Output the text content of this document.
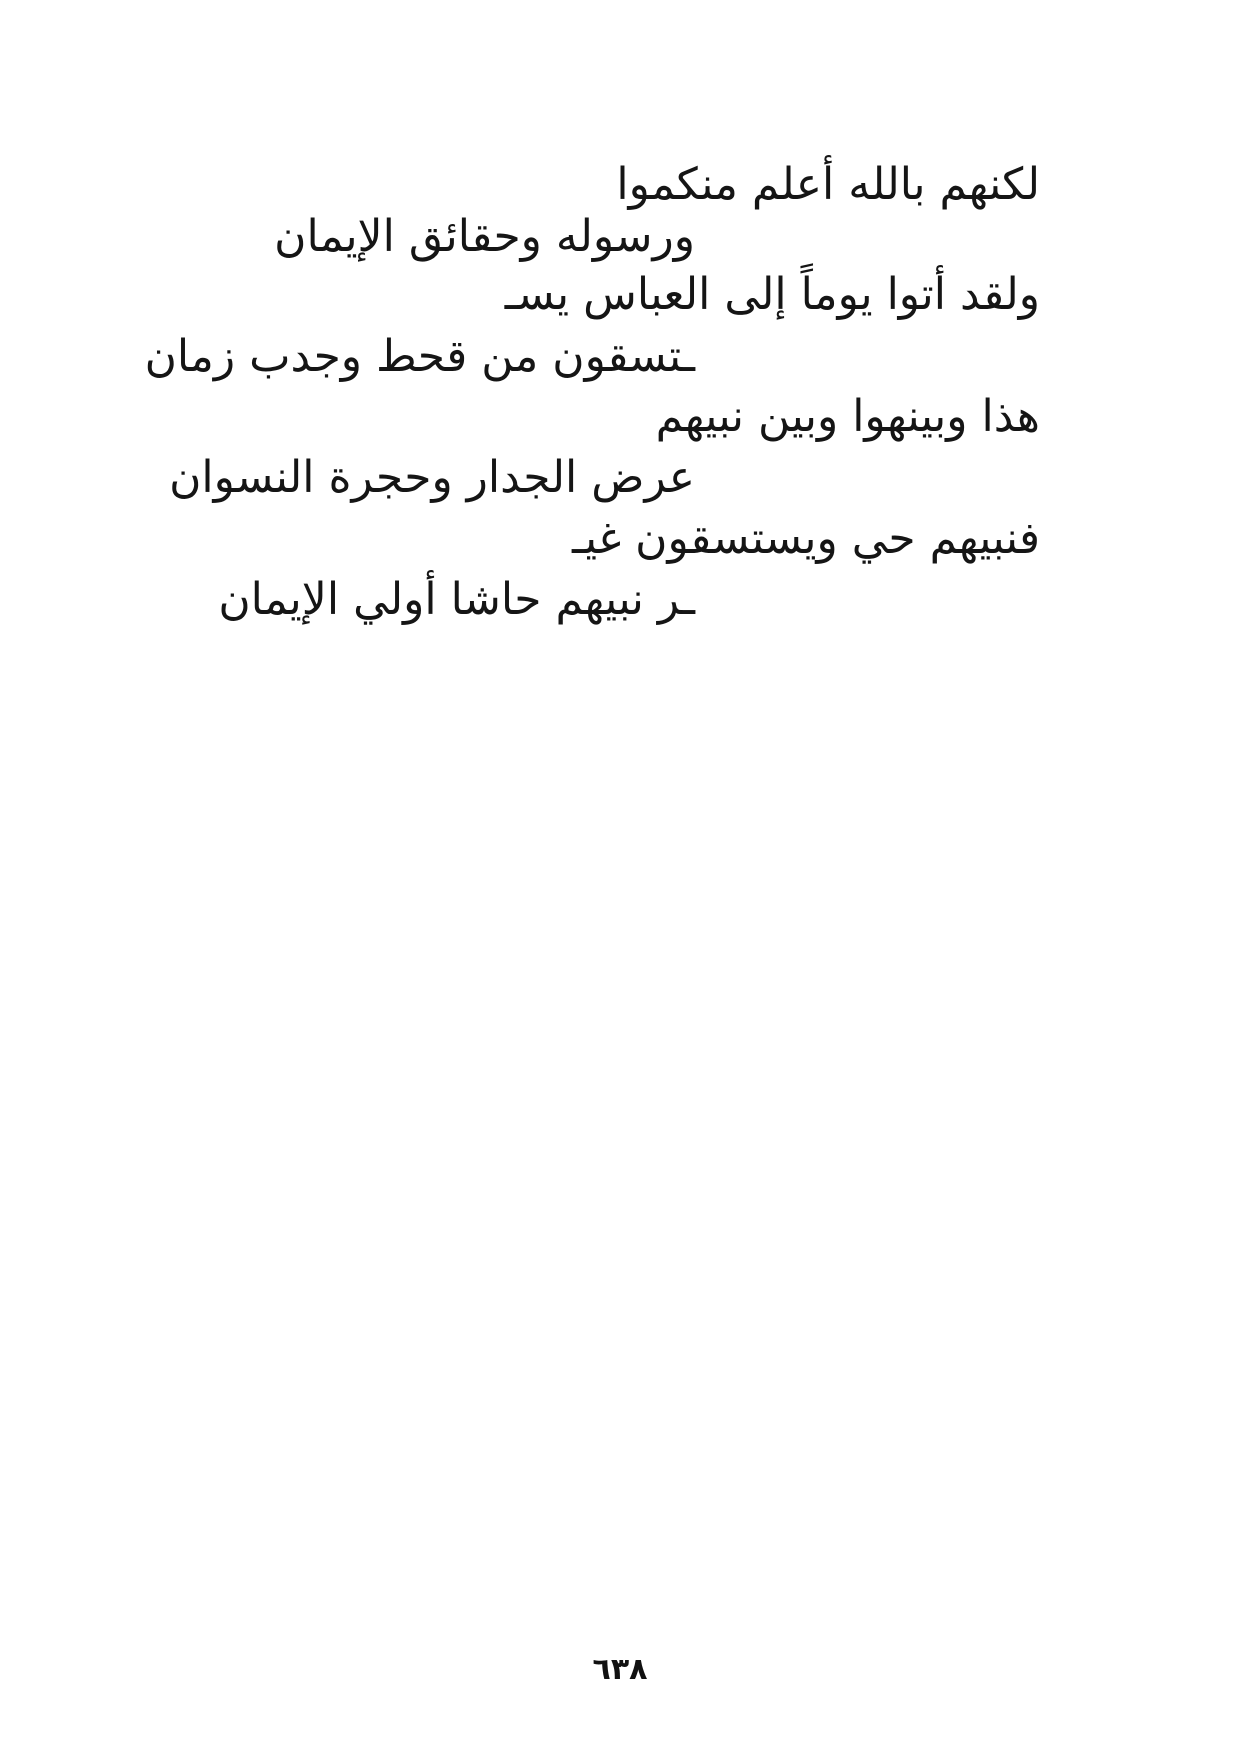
لكنهم بالله أعلم منكموا
ورسوله وحقائق الإيمان
ولقد أتوا يوماً إلى العباس يسـ
ـتسقون من قحط وجدب زمان
هذا وبينهوا وبين نبيهم
عرض الجدار وحجرة النسوان
فنبيهم حي ويستسقون غيـ
ـر نبيهم حاشا أولي الإيمان
٦٣٨
